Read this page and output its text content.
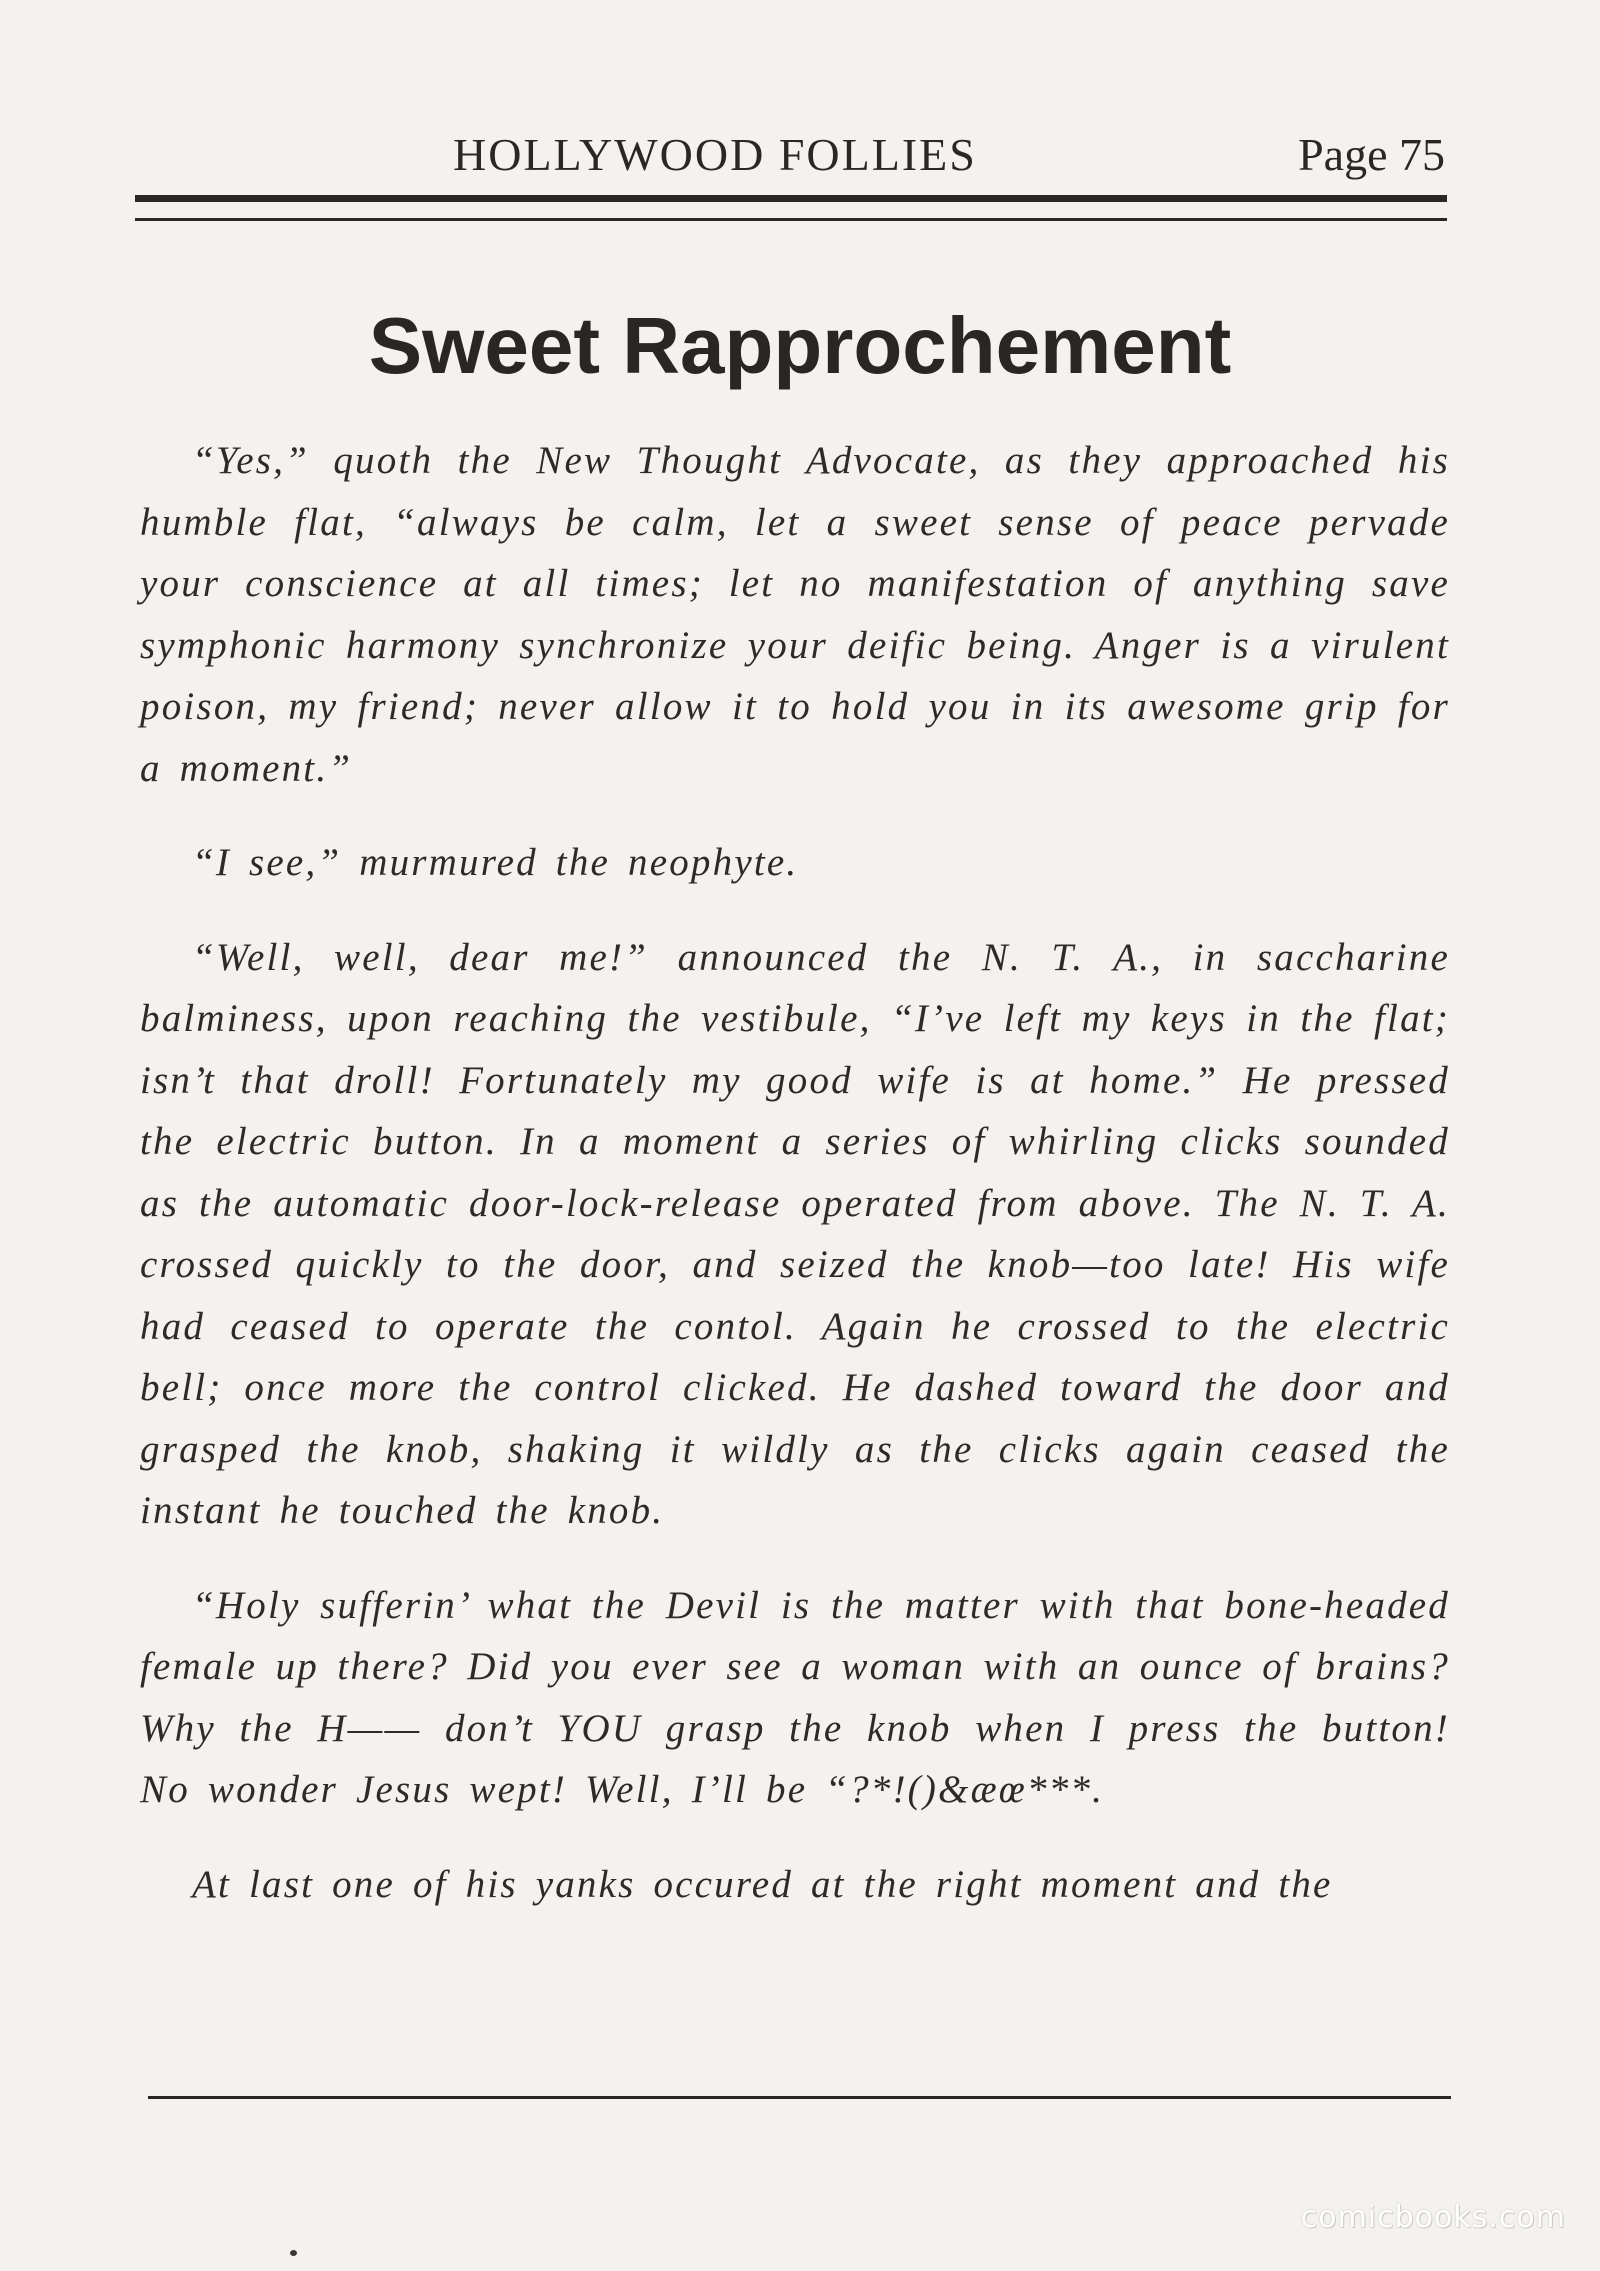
HOLLYWOOD FOLLIES	Page 75
Sweet Rapprochement

“Yes,” quoth the New Thought Advocate, as they approached his humble flat, “always be calm, let a sweet sense of peace pervade your conscience at all times; let no manifestation of anything save symphonic harmony synchronize your deific being. Anger is a virulent poison, my friend; never allow it to hold you in its awesome grip for a moment.”

“I see,” murmured the neophyte.

“Well, well, dear me!” announced the N. T. A., in saccharine balminess, upon reaching the vestibule, “I’ve left my keys in the flat; isn’t that droll! Fortunately my good wife is at home.” He pressed the electric button. In a moment a series of whirling clicks sounded as the automatic door-lock-release operated from above. The N. T. A. crossed quickly to the door, and seized the knob—too late! His wife had ceased to operate the contol. Again he crossed to the electric bell; once more the control clicked. He dashed toward the door and grasped the knob, shaking it wildly as the clicks again ceased the instant he touched the knob.

“Holy sufferin’ what the Devil is the matter with that bone-headed female up there? Did you ever see a woman with an ounce of brains? Why the H—— don’t YOU grasp the knob when I press the button! No wonder Jesus wept! Well, I’ll be “?*!()&æœ***.

At last one of his yanks occured at the right moment and the

comicbooks.com
